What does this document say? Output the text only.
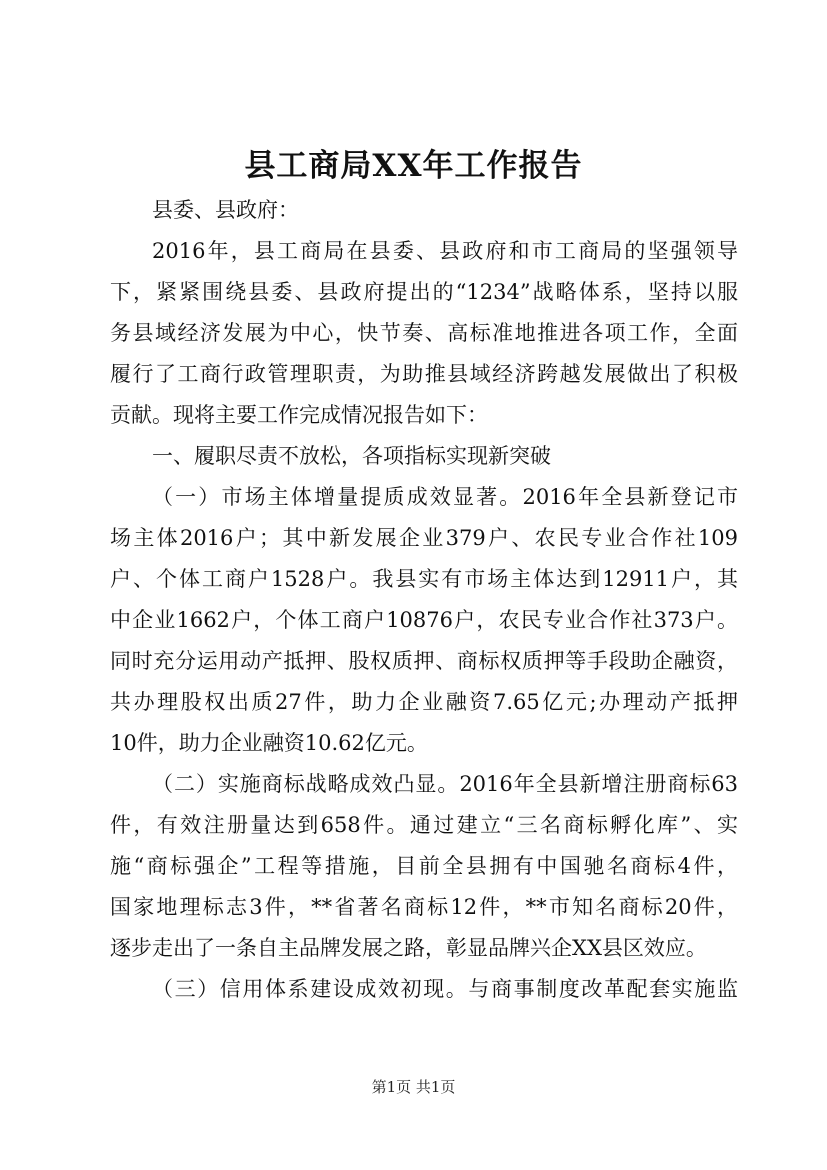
县工商局XX年工作报告
县委、县政府：
2016年，县工商局在县委、县政府和市工商局的坚强领导
下，紧紧围绕县委、县政府提出的“1234”战略体系，坚持以服
务县域经济发展为中心，快节奏、高标准地推进各项工作，全面
履行了工商行政管理职责，为助推县域经济跨越发展做出了积极
贡献。现将主要工作完成情况报告如下：
一、履职尽责不放松，各项指标实现新突破
（一）市场主体增量提质成效显著。2016年全县新登记市
场主体2016户；其中新发展企业379户、农民专业合作社109
户、个体工商户1528户。我县实有市场主体达到12911户，其
中企业1662户，个体工商户10876户，农民专业合作社373户。
同时充分运用动产抵押、股权质押、商标权质押等手段助企融资，
共办理股权出质27件，助力企业融资7.65亿元;办理动产抵押
10件，助力企业融资10.62亿元。
（二）实施商标战略成效凸显。2016年全县新增注册商标63
件，有效注册量达到658件。通过建立“三名商标孵化库”、实
施“商标强企”工程等措施，目前全县拥有中国驰名商标4件，
国家地理标志3件，**省著名商标12件，**市知名商标20件，
逐步走出了一条自主品牌发展之路，彰显品牌兴企XX县区效应。
（三）信用体系建设成效初现。与商事制度改革配套实施监
第1页 共1页
